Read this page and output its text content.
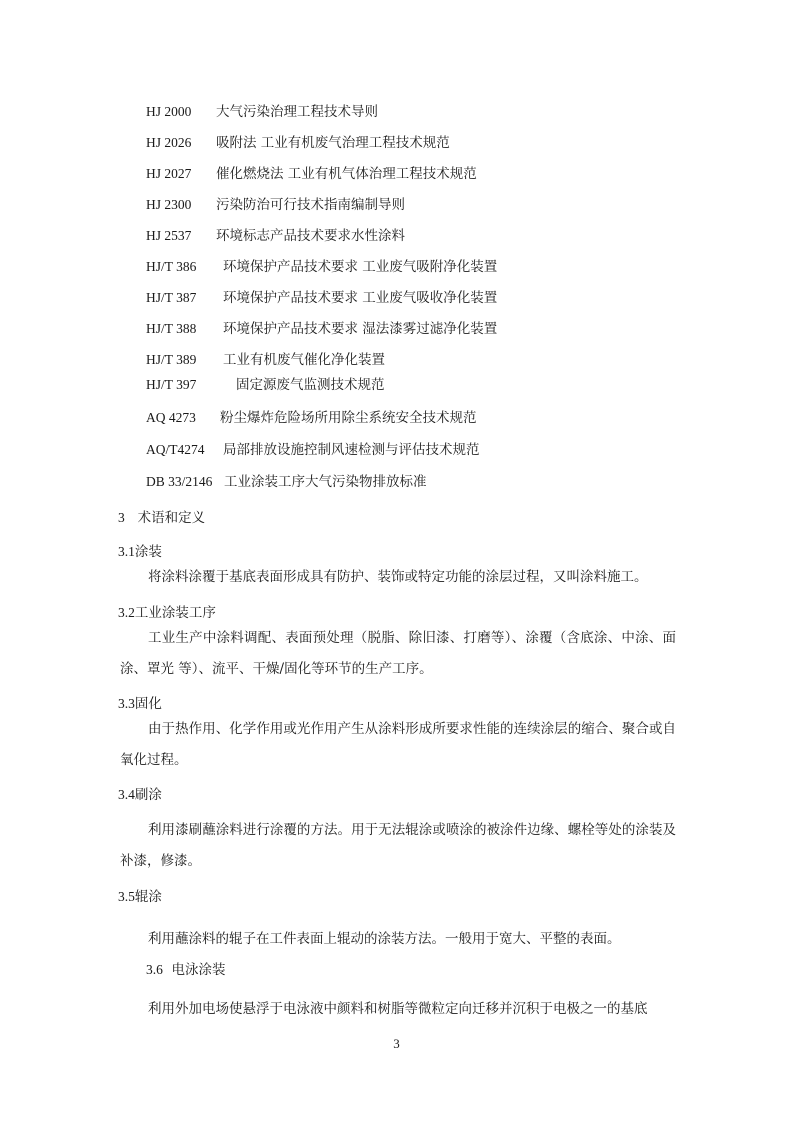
HJ 2000 大气污染治理工程技术导则
HJ 2026 吸附法 工业有机废气治理工程技术规范
HJ 2027 催化燃烧法 工业有机气体治理工程技术规范
HJ 2300 污染防治可行技术指南编制导则
HJ 2537 环境标志产品技术要求水性涂料
HJ/T 386 环境保护产品技术要求 工业废气吸附净化装置
HJ/T 387 环境保护产品技术要求 工业废气吸收净化装置
HJ/T 388 环境保护产品技术要求 湿法漆雾过滤净化装置
HJ/T 389 工业有机废气催化净化装置
HJ/T 397	固定源废气监测技术规范
AQ 4273 粉尘爆炸危险场所用除尘系统安全技术规范
AQ/T4274 局部排放设施控制风速检测与评估技术规范
DB 33/2146 工业涂装工序大气污染物排放标准
3 术语和定义
3.1涂装
将涂料涂覆于基底表面形成具有防护、装饰或特定功能的涂层过程，又叫涂料施工。
3.2工业涂装工序
工业生产中涂料调配、表面预处理（脱脂、除旧漆、打磨等）、涂覆（含底涂、中涂、面涂、罩光 等）、流平、干燥/固化等环节的生产工序。
3.3固化
由于热作用、化学作用或光作用产生从涂料形成所要求性能的连续涂层的缩合、聚合或自氧化过程。
3.4刷涂
利用漆刷蘸涂料进行涂覆的方法。用于无法辊涂或喷涂的被涂件边缘、螺栓等处的涂装及补漆，修漆。
3.5辊涂
利用蘸涂料的辊子在工件表面上辊动的涂装方法。一般用于宽大、平整的表面。
3.6 电泳涂装
利用外加电场使悬浮于电泳液中颜料和树脂等微粒定向迁移并沉积于电极之一的基底
3
